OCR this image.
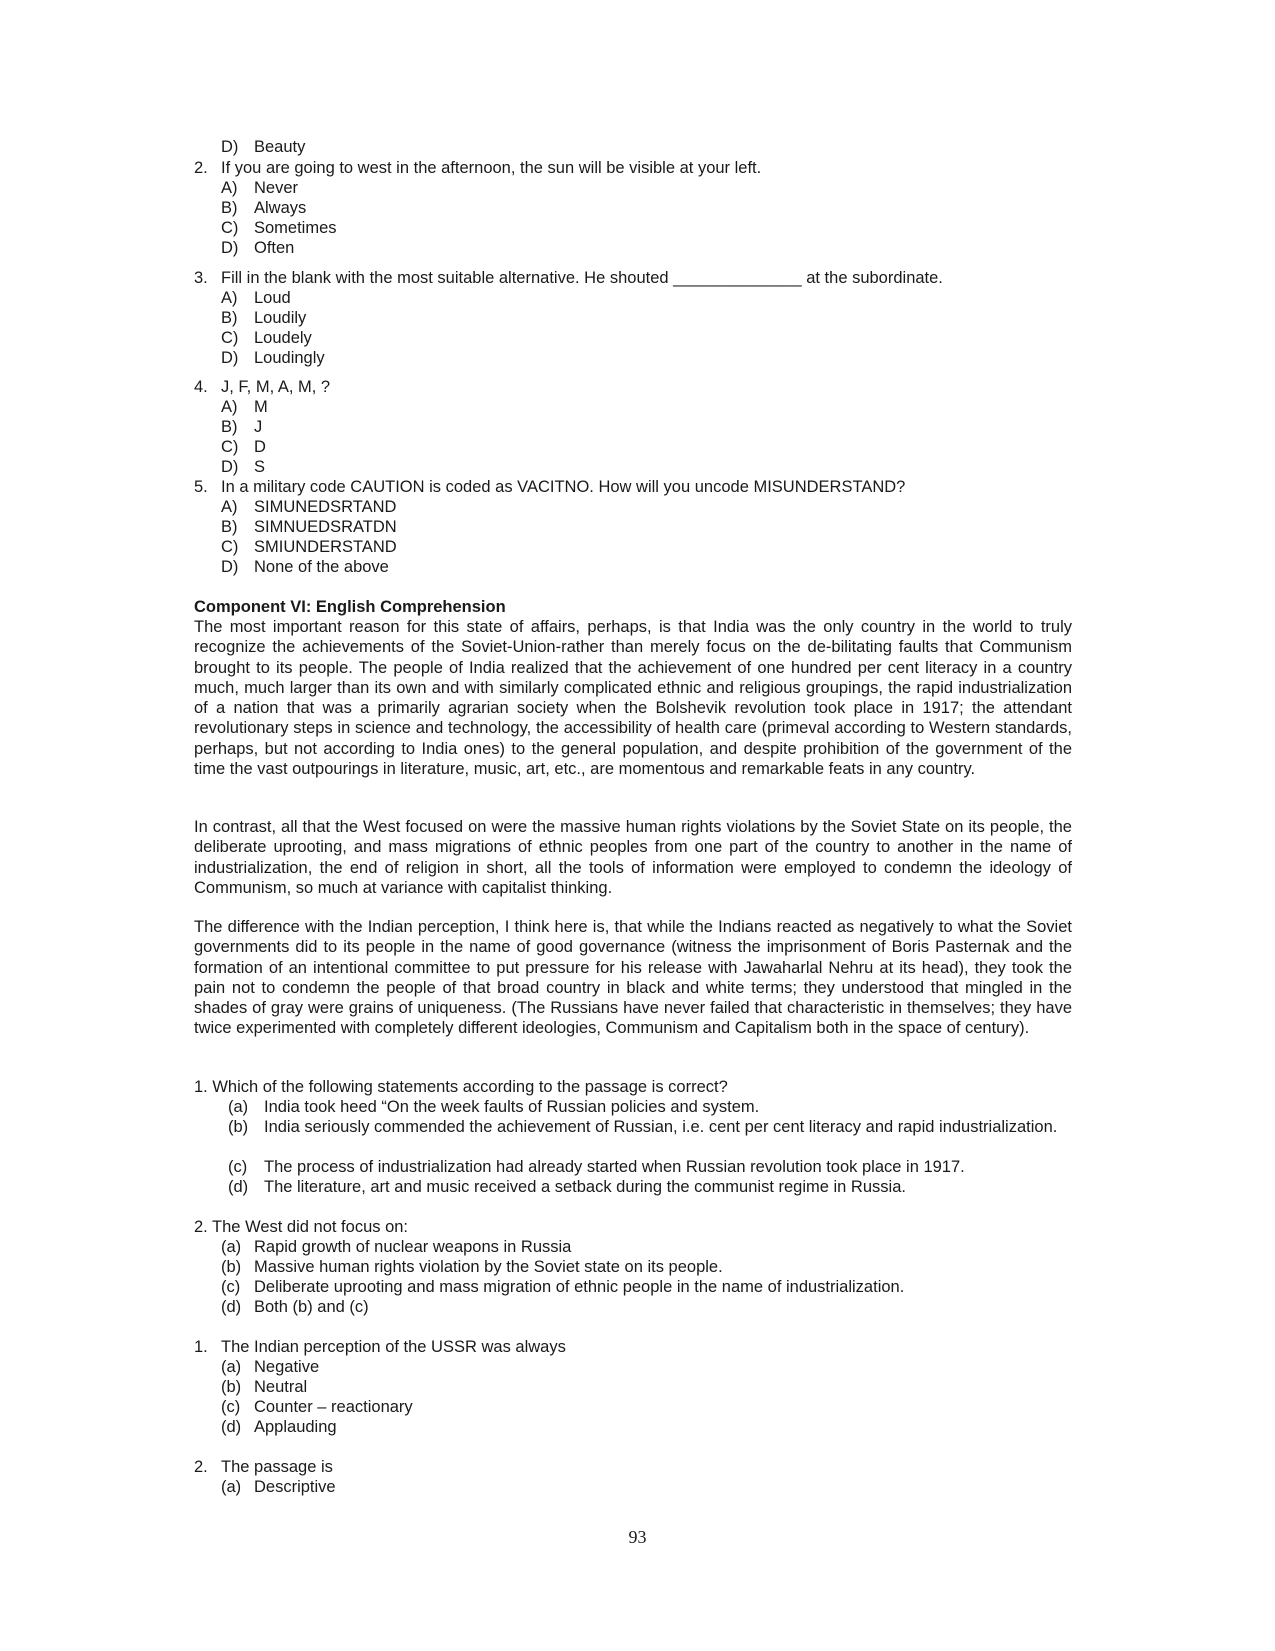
D) Beauty
2. If you are going to west in the afternoon, the sun will be visible at your left.
A) Never
B) Always
C) Sometimes
D) Often
3. Fill in the blank with the most suitable alternative. He shouted ______________ at the subordinate.
A) Loud
B) Loudily
C) Loudely
D) Loudingly
4. J, F, M, A, M, ?
A) M
B) J
C) D
D) S
5. In a military code CAUTION is coded as VACITNO. How will you uncode MISUNDERSTAND?
A) SIMUNEDSRTAND
B) SIMNUEDSRATDN
C) SMIUNDERSTAND
D) None of the above
Component VI: English Comprehension
The most important reason for this state of affairs, perhaps, is that India was the only country in the world to truly recognize the achievements of the Soviet-Union-rather than merely focus on the de-bilitating faults that Communism brought to its people. The people of India realized that the achievement of one hundred per cent literacy in a country much, much larger than its own and with similarly complicated ethnic and religious groupings, the rapid industrialization of a nation that was a primarily agrarian society when the Bolshevik revolution took place in 1917; the attendant revolutionary steps in science and technology, the accessibility of health care (primeval according to Western standards, perhaps, but not according to India ones) to the general population, and despite prohibition of the government of the time the vast outpourings in literature, music, art, etc., are momentous and remarkable feats in any country.
In contrast, all that the West focused on were the massive human rights violations by the Soviet State on its people, the deliberate uprooting, and mass migrations of ethnic peoples from one part of the country to another in the name of industrialization, the end of religion in short, all the tools of information were employed to condemn the ideology of Communism, so much at variance with capitalist thinking.
The difference with the Indian perception, I think here is, that while the Indians reacted as negatively to what the Soviet governments did to its people in the name of good governance (witness the imprisonment of Boris Pasternak and the formation of an intentional committee to put pressure for his release with Jawaharlal Nehru at its head), they took the pain not to condemn the people of that broad country in black and white terms; they understood that mingled in the shades of gray were grains of uniqueness. (The Russians have never failed that characteristic in themselves; they have twice experimented with completely different ideologies, Communism and Capitalism both in the space of century).
1. Which of the following statements according to the passage is correct?
(a) India took heed “On the week faults of Russian policies and system.
(b) India seriously commended the achievement of Russian, i.e. cent per cent literacy and rapid industrialization.
(c) The process of industrialization had already started when Russian revolution took place in 1917.
(d) The literature, art and music received a setback during the communist regime in Russia.
2. The West did not focus on:
(a) Rapid growth of nuclear weapons in Russia
(b) Massive human rights violation by the Soviet state on its people.
(c) Deliberate uprooting and mass migration of ethnic people in the name of industrialization.
(d) Both (b) and (c)
1. The Indian perception of the USSR was always
(a) Negative
(b) Neutral
(c) Counter – reactionary
(d) Applauding
2. The passage is
(a) Descriptive
93
